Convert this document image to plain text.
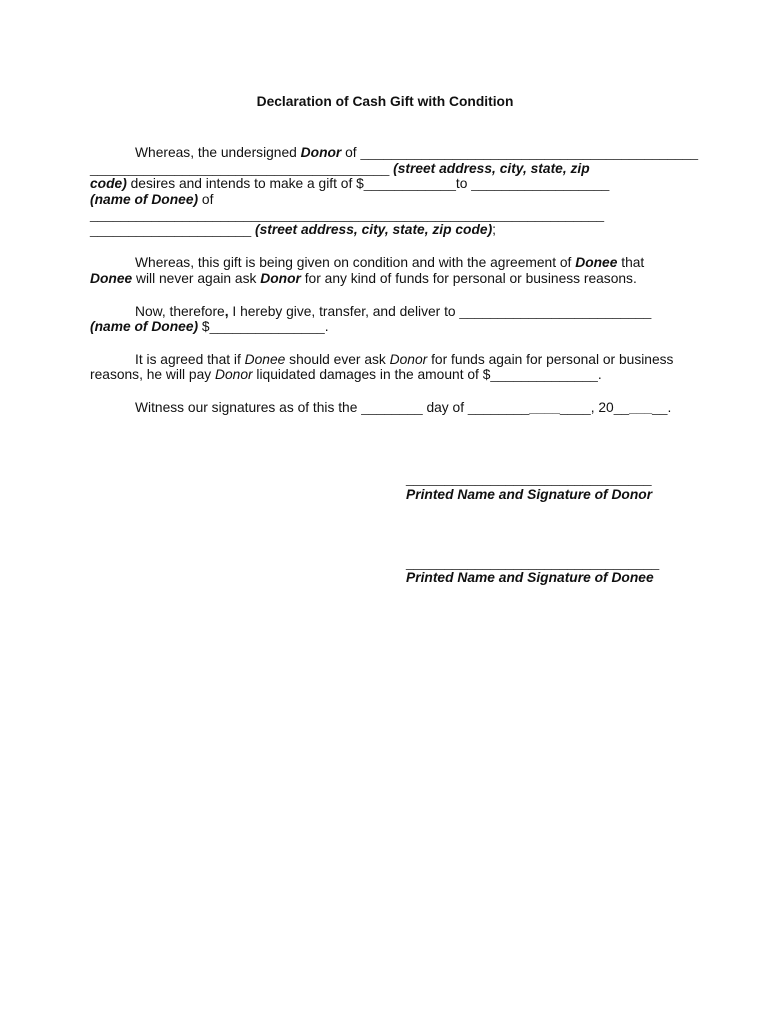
Declaration of Cash Gift with Condition
Whereas, the undersigned Donor of ____________________________________________
_______________________________________ (street address, city, state, zip
code) desires and intends to make a gift of $____________to __________________
(name of Donee) of
___________________________________________________________________
_____________________ (street address, city, state, zip code);
Whereas, this gift is being given on condition and with the agreement of Donee that
Donee will never again ask Donor for any kind of funds for personal or business reasons.
Now, therefore, I hereby give, transfer, and deliver to _________________________
(name of Donee) $_______________.
It is agreed that if Donee should ever ask Donor for funds again for personal or business
reasons, he will pay Donor liquidated damages in the amount of $______________.
Witness our signatures as of this the ________ day of ________________, 20_______.
________________________________
Printed Name and Signature of Donor
_________________________________
Printed Name and Signature of Donee
